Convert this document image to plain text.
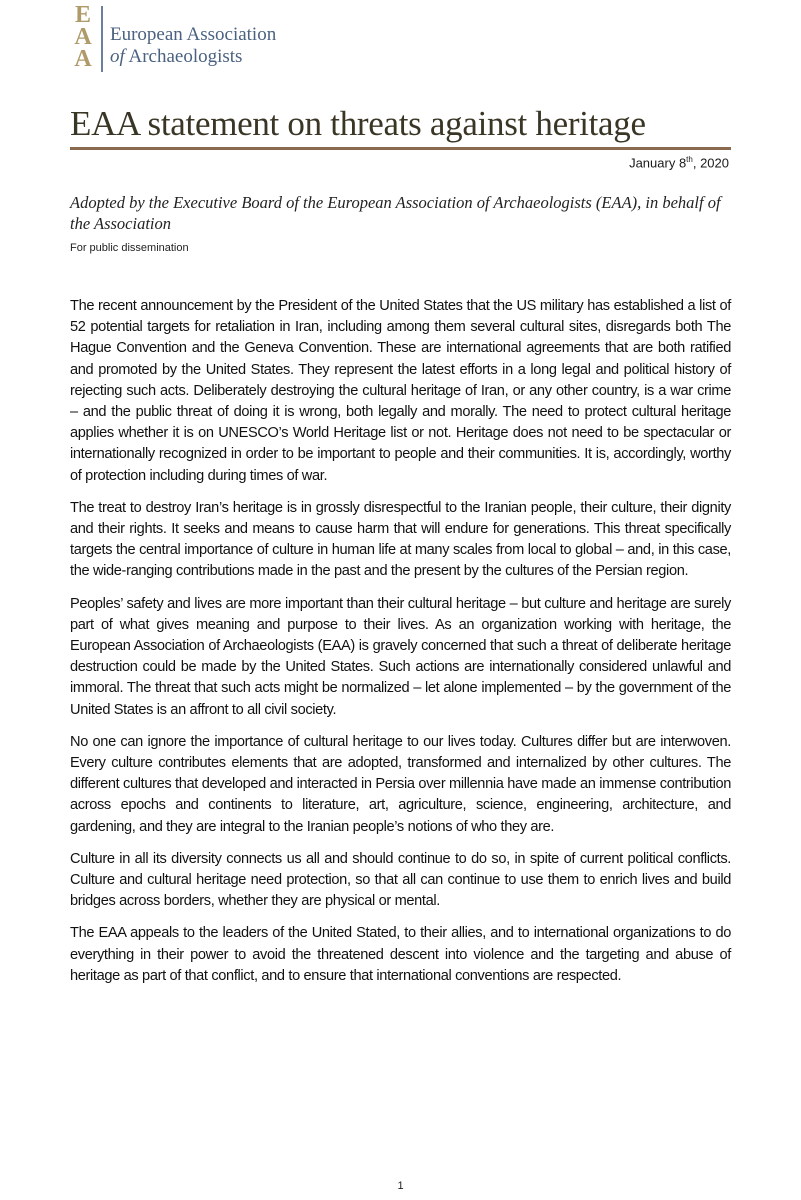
E
A
A
European Association
of Archaeologists
EAA statement on threats against heritage
January 8th, 2020
Adopted by the Executive Board of the European Association of Archaeologists (EAA), in behalf of the Association
For public dissemination

The recent announcement by the President of the United States that the US military has established a list of 52 potential targets for retaliation in Iran, including among them several cultural sites, disregards both The Hague Convention and the Geneva Convention. These are international agreements that are both ratified and promoted by the United States. They represent the latest efforts in a long legal and political history of rejecting such acts. Deliberately destroying the cultural heritage of Iran, or any other country, is a war crime – and the public threat of doing it is wrong, both legally and morally. The need to protect cultural heritage applies whether it is on UNESCO’s World Heritage list or not. Heritage does not need to be spectacular or internationally recognized in order to be important to people and their communities. It is, accordingly, worthy of protection including during times of war.

The treat to destroy Iran’s heritage is in grossly disrespectful to the Iranian people, their culture, their dignity and their rights. It seeks and means to cause harm that will endure for generations. This threat specifically targets the central importance of culture in human life at many scales from local to global – and, in this case, the wide-ranging contributions made in the past and the present by the cultures of the Persian region.

Peoples’ safety and lives are more important than their cultural heritage – but culture and heritage are surely part of what gives meaning and purpose to their lives. As an organization working with heritage, the European Association of Archaeologists (EAA) is gravely concerned that such a threat of deliberate heritage destruction could be made by the United States. Such actions are internationally considered unlawful and immoral. The threat that such acts might be normalized – let alone implemented – by the government of the United States is an affront to all civil society.

No one can ignore the importance of cultural heritage to our lives today. Cultures differ but are interwoven. Every culture contributes elements that are adopted, transformed and internalized by other cultures. The different cultures that developed and interacted in Persia over millennia have made an immense contribution across epochs and continents to literature, art, agriculture, science, engineering, architecture, and gardening, and they are integral to the Iranian people’s notions of who they are.

Culture in all its diversity connects us all and should continue to do so, in spite of current political conflicts. Culture and cultural heritage need protection, so that all can continue to use them to enrich lives and build bridges across borders, whether they are physical or mental.

The EAA appeals to the leaders of the United Stated, to their allies, and to international organizations to do everything in their power to avoid the threatened descent into violence and the targeting and abuse of heritage as part of that conflict, and to ensure that international conventions are respected.

1
